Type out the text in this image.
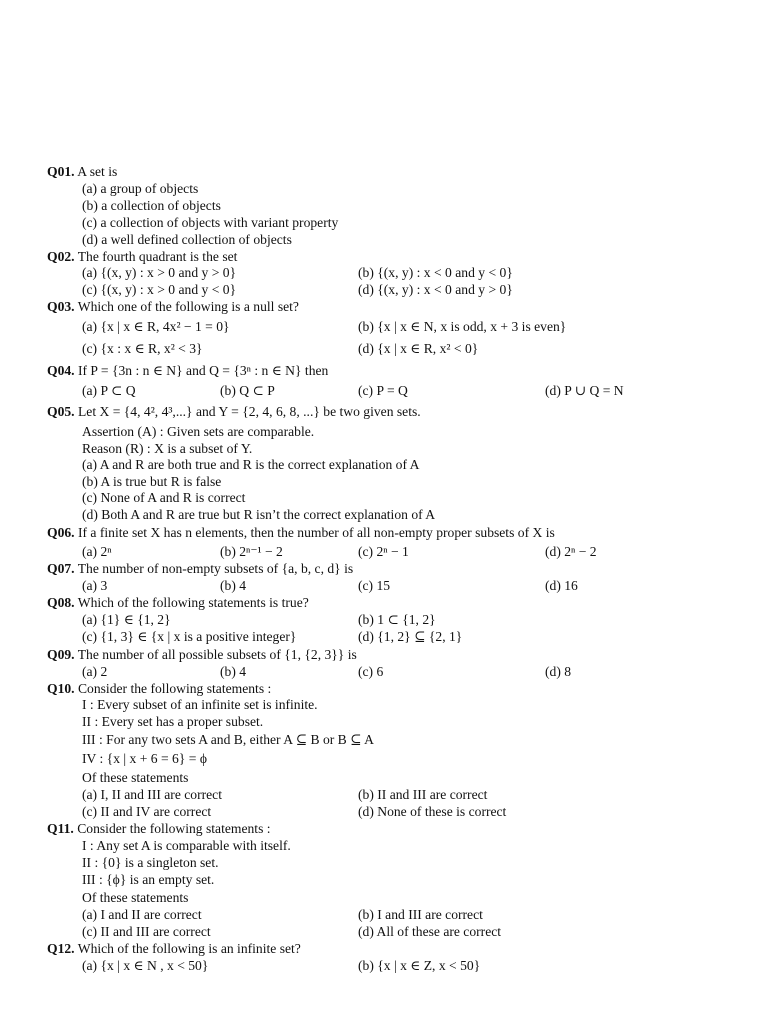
Q01. A set is
(a) a group of objects
(b) a collection of objects
(c) a collection of objects with variant property
(d) a well defined collection of objects
Q02. The fourth quadrant is the set
(a) {(x, y) : x > 0 and y > 0}	(b) {(x, y) : x < 0 and y < 0}
(c) {(x, y) : x > 0 and y < 0}	(d) {(x, y) : x < 0 and y > 0}
Q03. Which one of the following is a null set?
(a) {x | x ∈ R, 4x² − 1 = 0}	(b) {x | x ∈ N, x is odd, x + 3 is even}
(c) {x : x ∈ R, x² < 3}	(d) {x | x ∈ R, x² < 0}
Q04. If P = {3n : n ∈ N} and Q = {3ⁿ : n ∈ N} then
(a) P ⊂ Q	(b) Q ⊂ P	(c) P = Q	(d) P ∪ Q = N
Q05. Let X = {4, 4², 4³,...} and Y = {2, 4, 6, 8, ...} be two given sets.
Assertion (A) : Given sets are comparable.
Reason (R) : X is a subset of Y.
(a) A and R are both true and R is the correct explanation of A
(b) A is true but R is false
(c) None of A and R is correct
(d) Both A and R are true but R isn’t the correct explanation of A
Q06. If a finite set X has n elements, then the number of all non-empty proper subsets of X is
(a) 2ⁿ	(b) 2ⁿ⁻¹ − 2	(c) 2ⁿ − 1	(d) 2ⁿ − 2
Q07. The number of non-empty subsets of {a, b, c, d} is
(a) 3	(b) 4	(c) 15	(d) 16
Q08. Which of the following statements is true?
(a) {1} ∈ {1, 2}	(b) 1 ⊂ {1, 2}
(c) {1, 3} ∈ {x | x is a positive integer}	(d) {1, 2} ⊆ {2, 1}
Q09. The number of all possible subsets of {1, {2, 3}} is
(a) 2	(b) 4	(c) 6	(d) 8
Q10. Consider the following statements :
I : Every subset of an infinite set is infinite.
II : Every set has a proper subset.
III : For any two sets A and B, either A ⊆ B or B ⊆ A
IV : {x | x + 6 = 6} = ϕ
Of these statements
(a) I, II and III are correct	(b) II and III are correct
(c) II and IV are correct	(d) None of these is correct
Q11. Consider the following statements :
I : Any set A is comparable with itself.
II : {0} is a singleton set.
III : {ϕ} is an empty set.
Of these statements
(a) I and II are correct	(b) I and III are correct
(c) II and III are correct	(d) All of these are correct
Q12. Which of the following is an infinite set?
(a) {x | x ∈ N , x < 50}	(b) {x | x ∈ Z, x < 50}
